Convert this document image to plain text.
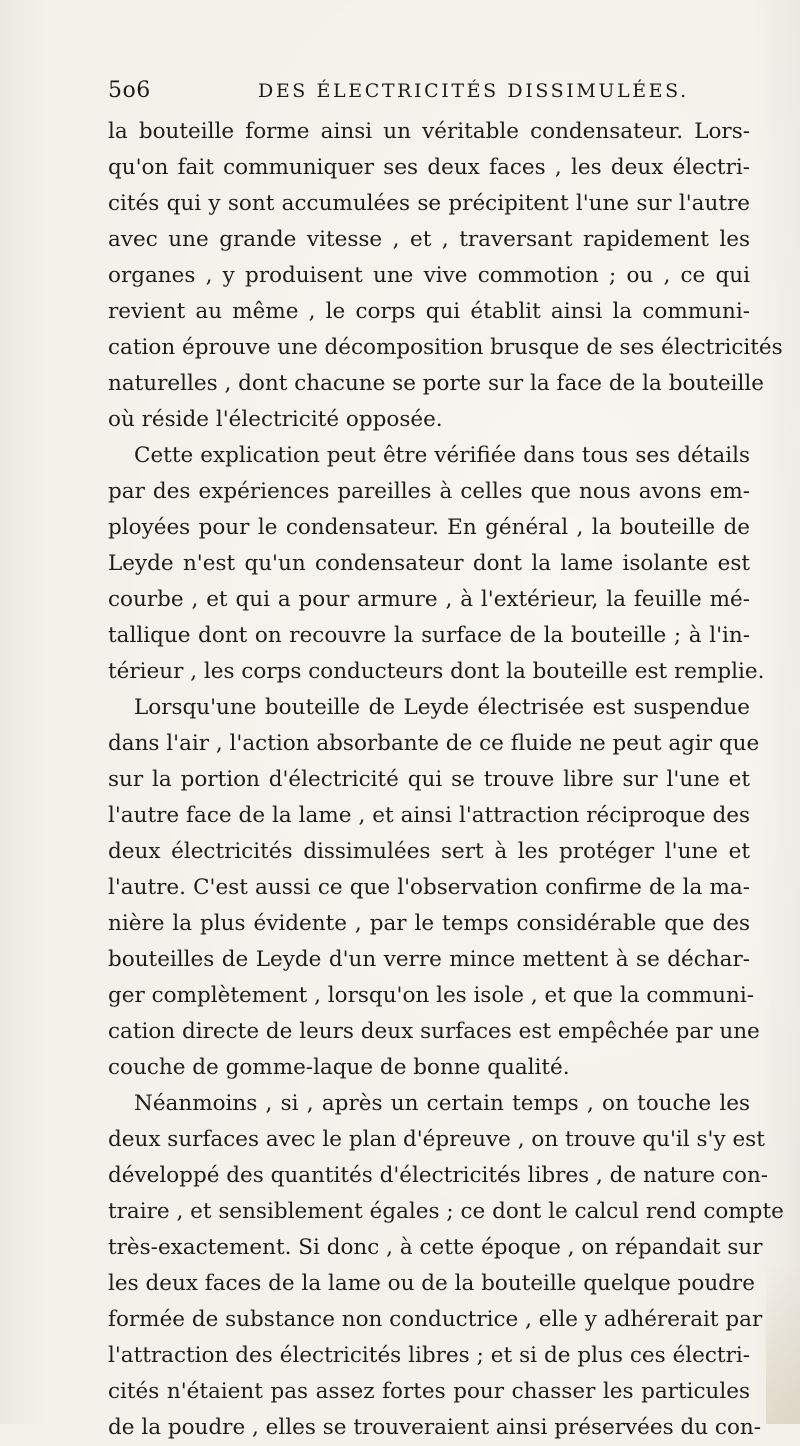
5o6	DES ÉLECTRICITÉS DISSIMULÉES.
la bouteille forme ainsi un véritable condensateur. Lors-
qu'on fait communiquer ses deux faces , les deux électri-
cités qui y sont accumulées se précipitent l'une sur l'autre
avec une grande vitesse , et , traversant rapidement les
organes , y produisent une vive commotion ; ou , ce qui
revient au même , le corps qui établit ainsi la communi-
cation éprouve une décomposition brusque de ses électricités
naturelles , dont chacune se porte sur la face de la bouteille
où réside l'électricité opposée.
Cette explication peut être vérifiée dans tous ses détails
par des expériences pareilles à celles que nous avons em-
ployées pour le condensateur. En général , la bouteille de
Leyde n'est qu'un condensateur dont la lame isolante est
courbe , et qui a pour armure , à l'extérieur, la feuille mé-
tallique dont on recouvre la surface de la bouteille ; à l'in-
térieur , les corps conducteurs dont la bouteille est remplie.
Lorsqu'une bouteille de Leyde électrisée est suspendue
dans l'air , l'action absorbante de ce fluide ne peut agir que
sur la portion d'électricité qui se trouve libre sur l'une et
l'autre face de la lame , et ainsi l'attraction réciproque des
deux électricités dissimulées sert à les protéger l'une et
l'autre. C'est aussi ce que l'observation confirme de la ma-
nière la plus évidente , par le temps considérable que des
bouteilles de Leyde d'un verre mince mettent à se déchar-
ger complètement , lorsqu'on les isole , et que la communi-
cation directe de leurs deux surfaces est empêchée par une
couche de gomme-laque de bonne qualité.
Néanmoins , si , après un certain temps , on touche les
deux surfaces avec le plan d'épreuve , on trouve qu'il s'y est
développé des quantités d'électricités libres , de nature con-
traire , et sensiblement égales ; ce dont le calcul rend compte
très-exactement. Si donc , à cette époque , on répandait sur
les deux faces de la lame ou de la bouteille quelque poudre
formée de substance non conductrice , elle y adhérerait par
l'attraction des électricités libres ; et si de plus ces électri-
cités n'étaient pas assez fortes pour chasser les particules
de la poudre , elles se trouveraient ainsi préservées du con-
